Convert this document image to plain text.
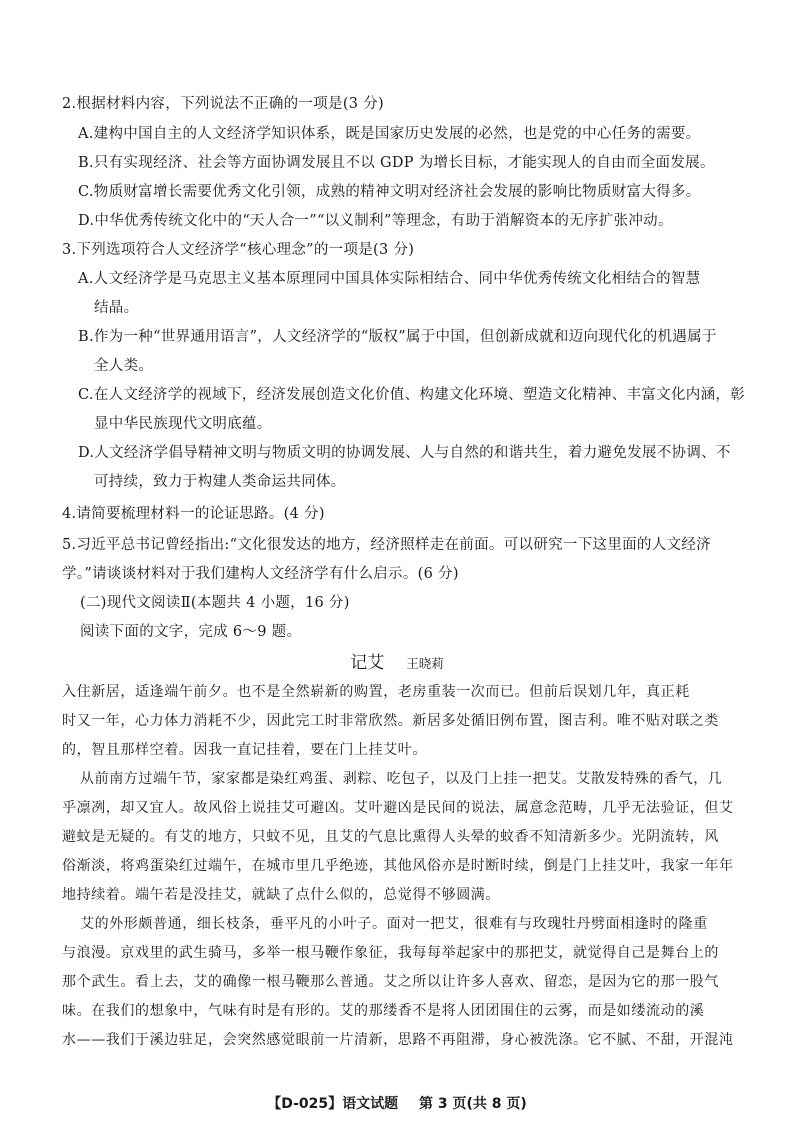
2.根据材料内容，下列说法不正确的一项是(3 分)
A.建构中国自主的人文经济学知识体系，既是国家历史发展的必然，也是党的中心任务的需要。
B.只有实现经济、社会等方面协调发展且不以 GDP 为增长目标，才能实现人的自由而全面发展。
C.物质财富增长需要优秀文化引领，成熟的精神文明对经济社会发展的影响比物质财富大得多。
D.中华优秀传统文化中的“天人合一”“以义制利”等理念，有助于消解资本的无序扩张冲动。
3.下列选项符合人文经济学“核心理念”的一项是(3 分)
A.人文经济学是马克思主义基本原理同中国具体实际相结合、同中华优秀传统文化相结合的智慧
结晶。
B.作为一种“世界通用语言”，人文经济学的“版权”属于中国，但创新成就和迈向现代化的机遇属于
全人类。
C.在人文经济学的视域下，经济发展创造文化价值、构建文化环境、塑造文化精神、丰富文化内涵，彰
显中华民族现代文明底蕴。
D.人文经济学倡导精神文明与物质文明的协调发展、人与自然的和谐共生，着力避免发展不协调、不
可持续，致力于构建人类命运共同体。
4.请简要梳理材料一的论证思路。(4 分)
5.习近平总书记曾经指出:“文化很发达的地方，经济照样走在前面。可以研究一下这里面的人文经济
学。”请谈谈材料对于我们建构人文经济学有什么启示。(6 分)
(二)现代文阅读Ⅱ(本题共 4 小题，16 分)
阅读下面的文字，完成 6～9 题。
记艾 王晓莉
入住新居，适逢端午前夕。也不是全然崭新的购置，老房重装一次而已。但前后误划几年，真正耗
时又一年，心力体力消耗不少，因此完工时非常欣然。新居多处循旧例布置，图吉利。唯不贴对联之类
的，智且那样空着。因我一直记挂着，要在门上挂艾叶。
从前南方过端午节，家家都是染红鸡蛋、剥粽、吃包子，以及门上挂一把艾。艾散发特殊的香气，几
乎凛冽，却又宜人。故风俗上说挂艾可避凶。艾叶避凶是民间的说法，属意念范畴，几乎无法验证，但艾
避蚊是无疑的。有艾的地方，只蚊不见，且艾的气息比熏得人头晕的蚊香不知清新多少。光阴流转，风
俗渐淡，将鸡蛋染红过端午，在城市里几乎绝迹，其他风俗亦是时断时续，倒是门上挂艾叶，我家一年年
地持续着。端午若是没挂艾，就缺了点什么似的，总觉得不够圆满。
艾的外形颇普通，细长枝条，垂平凡的小叶子。面对一把艾，很难有与玫瑰牡丹劈面相逢时的隆重
与浪漫。京戏里的武生骑马，多举一根马鞭作象征，我每每举起家中的那把艾，就觉得自己是舞台上的
那个武生。看上去，艾的确像一根马鞭那么普通。艾之所以让许多人喜欢、留恋，是因为它的那一股气
味。在我们的想象中，气味有时是有形的。艾的那缕香不是将人团团围住的云雾，而是如缕流动的溪
水——我们于溪边驻足，会突然感觉眼前一片清新，思路不再阻滞，身心被洗涤。它不腻、不甜，开混沌
【D-025】语文试题 第 3 页(共 8 页)
